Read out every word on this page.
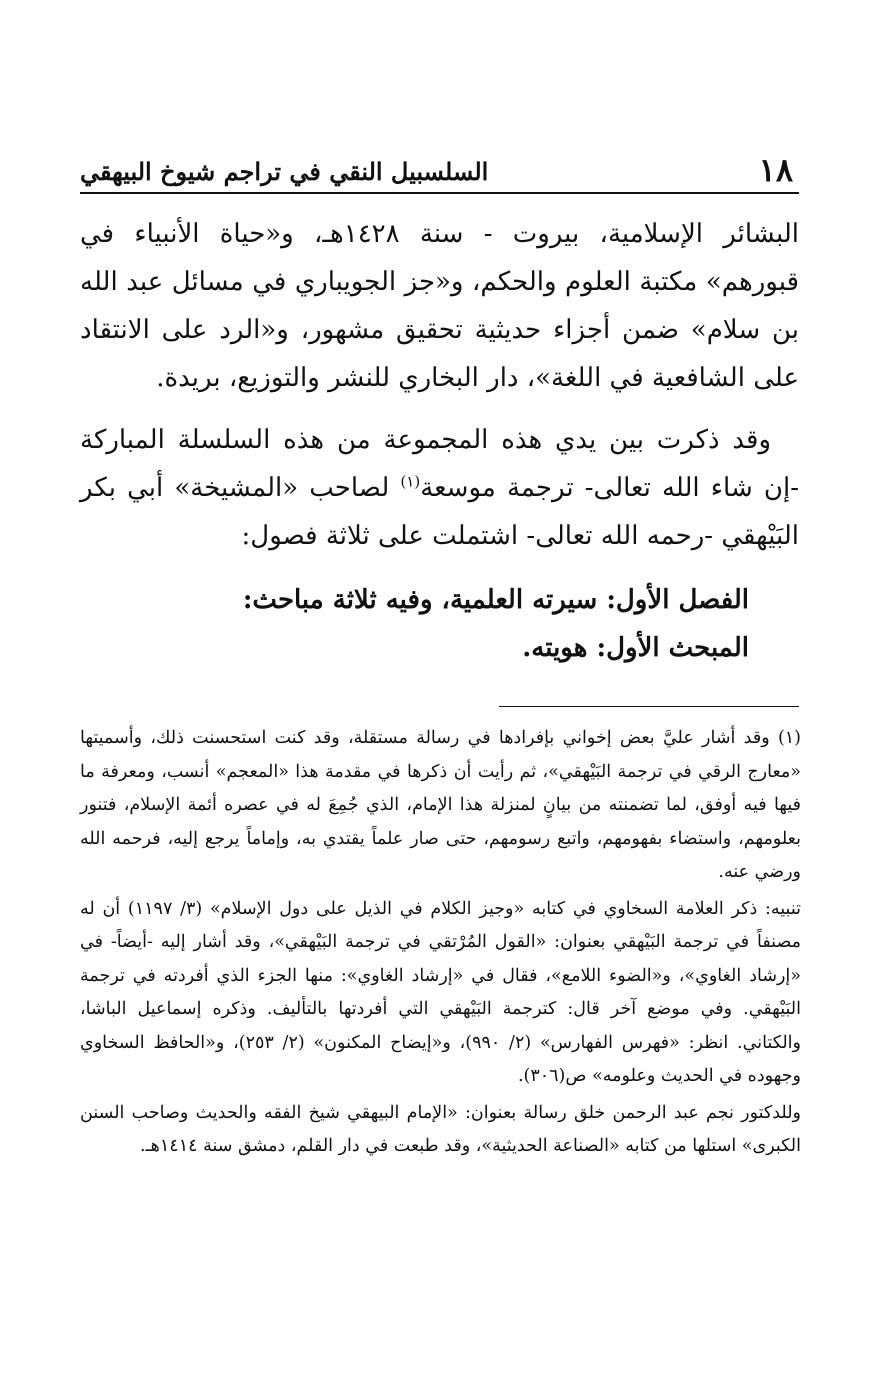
١٨
السلسبيل النقي في تراجم شيوخ البيهقي

البشائر الإسلامية، بيروت - سنة ١٤٢٨هـ، و«حياة الأنبياء في قبورهم» مكتبة العلوم والحكم، و«جز الجويباري في مسائل عبد الله بن سلام» ضمن أجزاء حديثية تحقيق مشهور، و«الرد على الانتقاد على الشافعية في اللغة»، دار البخاري للنشر والتوزيع، بريدة.

وقد ذكرت بين يدي هذه المجموعة من هذه السلسلة المباركة -إن شاء الله تعالى- ترجمة موسعة$^{(١)}$ لصاحب «المشيخة» أبي بكر البَيْهقي -رحمه الله تعالى- اشتملت على ثلاثة فصول:

الفصل الأول: سيرته العلمية، وفيه ثلاثة مباحث:
المبحث الأول: هويته.

(١) وقد أشار عليَّ بعض إخواني بإفرادها في رسالة مستقلة، وقد كنت استحسنت ذلك، وأسميتها «معارج الرقي في ترجمة البَيْهقي»، ثم رأيت أن ذكرها في مقدمة هذا «المعجم» أنسب، ومعرفة ما فيها فيه أوفق، لما تضمنته من بيانٍ لمنزلة هذا الإمام، الذي جُمِعَ له في عصره أئمة الإسلام، فتنور بعلومهم، واستضاء بفهومهم، واتبع رسومهم، حتى صار علماً يقتدي به، وإماماً يرجع إليه، فرحمه الله ورضي عنه.

تنبيه: ذكر العلامة السخاوي في كتابه «وجيز الكلام في الذيل على دول الإسلام» (٣/ ١١٩٧) أن له مصنفاً في ترجمة البَيْهقي بعنوان: «القول المُرْتقي في ترجمة البَيْهقي»، وقد أشار إليه -أيضاً- في «إرشاد الغاوي»، و«الضوء اللامع»، فقال في «إرشاد الغاوي»: منها الجزء الذي أفردته في ترجمة البَيْهقي. وفي موضع آخر قال: كترجمة البَيْهقي التي أفردتها بالتأليف. وذكره إسماعيل الباشا، والكتاني. انظر: «فهرس الفهارس» (٢/ ٩٩٠)، و«إيضاح المكنون» (٢/ ٢٥٣)، و«الحافظ السخاوي وجهوده في الحديث وعلومه» ص(٣٠٦).

وللدكتور نجم عبد الرحمن خلق رسالة بعنوان: «الإمام البيهقي شيخ الفقه والحديث وصاحب السنن الكبرى» استلها من كتابه «الصناعة الحديثية»، وقد طبعت في دار القلم، دمشق سنة ١٤١٤هـ.
